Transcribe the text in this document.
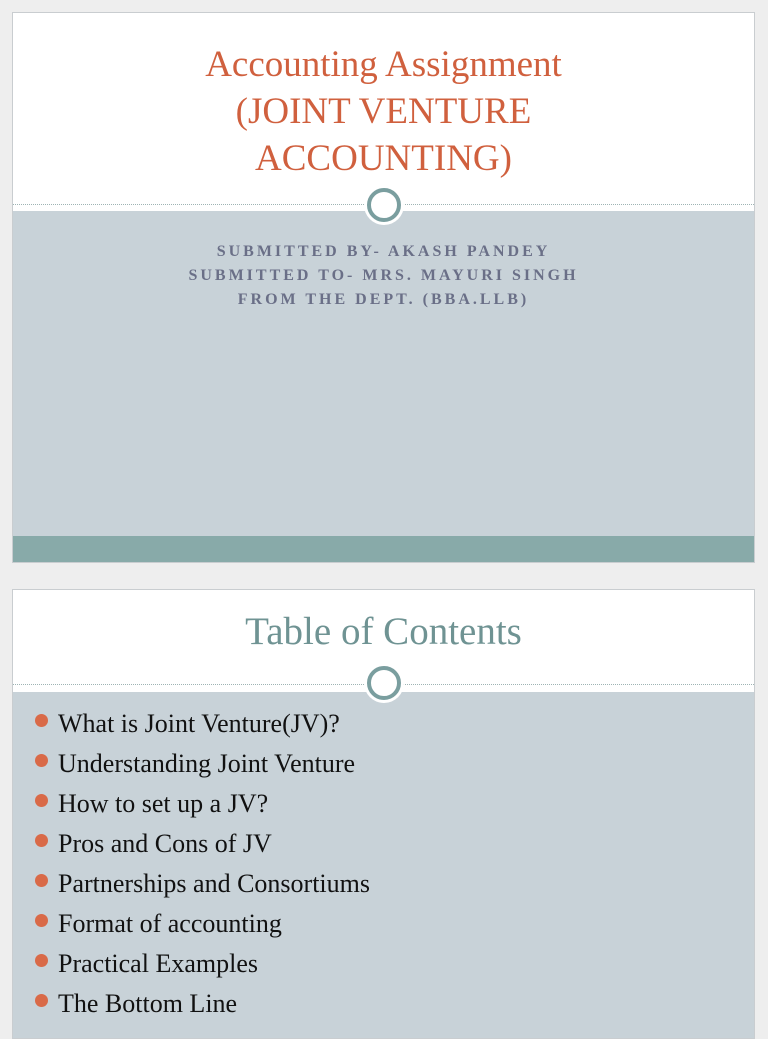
Accounting Assignment
(JOINT VENTURE
ACCOUNTING)
SUBMITTED BY- AKASH PANDEY
SUBMITTED TO- MRS. MAYURI SINGH
FROM THE DEPT. (BBA.LLB)
Table of Contents
What is Joint Venture(JV)?
Understanding Joint Venture
How to set up a JV?
Pros and Cons of JV
Partnerships and Consortiums
Format of accounting
Practical Examples
The Bottom Line
